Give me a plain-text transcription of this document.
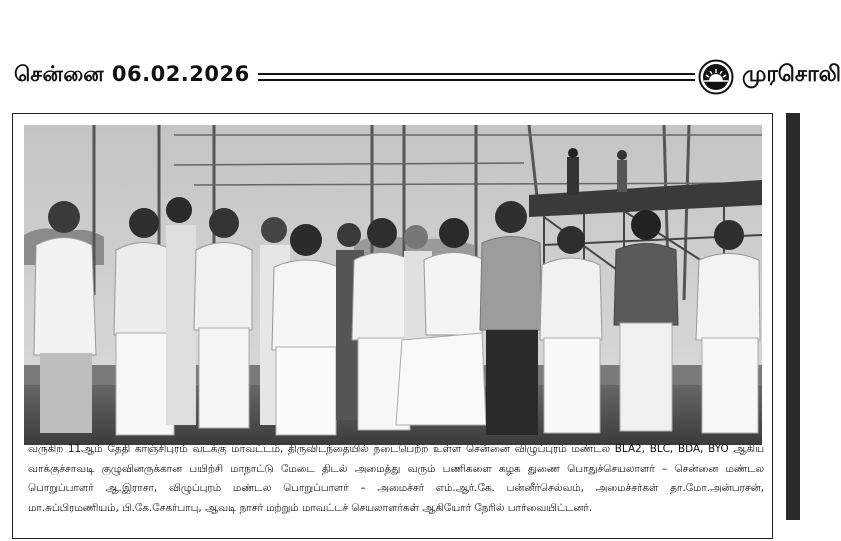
சென்னை 06.02.2026	முரசொலி
வருகிற 11ஆம் தேதி காஞ்சிபுரம் வடக்கு மாவட்டம், திருவிடந்தையில் நடைபெற்ற உள்ள சென்னை விழுப்புரம் மண்டல BLA2, BLC, BDA, BYO ஆகிய வாக்குச்சாவடி குழுவினருக்கான பயிற்சி மாநாட்டு மேடை திடல் அமைத்து வரும் பணிகளை கழக துணை பொதுச்செயலாளர் – சென்னை மண்டல பொறுப்பாளர் ஆ.இராசா, விழுப்புரம் மண்டல பொறுப்பாளர் – அமைச்சர் எம்.ஆர்.கே. பன்னீர்செல்வம், அமைச்சர்கள் தா.மோ.அன்பரசன், மா.சுப்பிரமணியம், பி.கே.சேகர்பாபு, ஆவடி நாசர் மற்றும் மாவட்டச் செயலாளர்கள் ஆகியோர் நேரில் பார்வையிட்டனர்.
